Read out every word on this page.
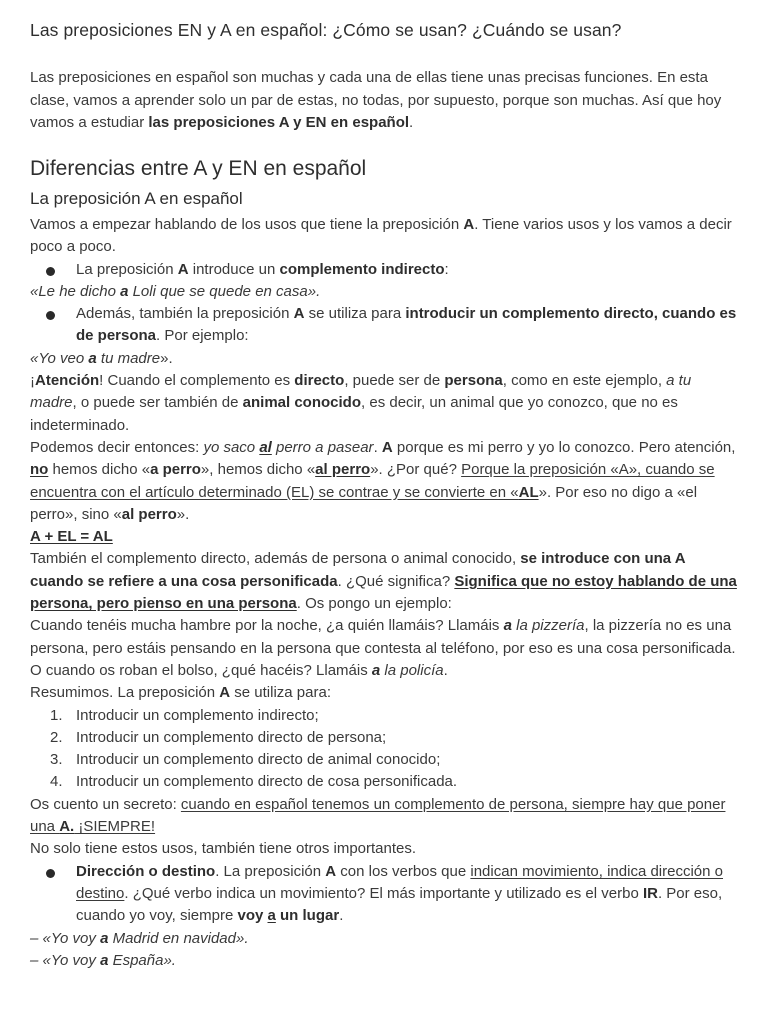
Las preposiciones EN y A en español: ¿Cómo se usan? ¿Cuándo se usan?

Las preposiciones en español son muchas y cada una de ellas tiene unas precisas funciones. En esta clase, vamos a aprender solo un par de estas, no todas, por supuesto, porque son muchas. Así que hoy vamos a estudiar las preposiciones A y EN en español.

Diferencias entre A y EN en español
La preposición A en español
Vamos a empezar hablando de los usos que tiene la preposición A. Tiene varios usos y los vamos a decir poco a poco.
La preposición A introduce un complemento indirecto:
«Le he dicho a Loli que se quede en casa».
Además, también la preposición A se utiliza para introducir un complemento directo, cuando es de persona. Por ejemplo:
«Yo veo a tu madre».
¡Atención! Cuando el complemento es directo, puede ser de persona, como en este ejemplo, a tu madre, o puede ser también de animal conocido, es decir, un animal que yo conozco, que no es indeterminado.
Podemos decir entonces: yo saco al perro a pasear. A porque es mi perro y yo lo conozco. Pero atención, no hemos dicho «a perro», hemos dicho «al perro». ¿Por qué? Porque la preposición «A», cuando se encuentra con el artículo determinado (EL) se contrae y se convierte en «AL». Por eso no digo a «el perro», sino «al perro».
A + EL = AL
También el complemento directo, además de persona o animal conocido, se introduce con una A cuando se refiere a una cosa personificada. ¿Qué significa? Significa que no estoy hablando de una persona, pero pienso en una persona. Os pongo un ejemplo:
Cuando tenéis mucha hambre por la noche, ¿a quién llamáis? Llamáis a la pizzería, la pizzería no es una persona, pero estáis pensando en la persona que contesta al teléfono, por eso es una cosa personificada. O cuando os roban el bolso, ¿qué hacéis? Llamáis a la policía.
Resumimos. La preposición A se utiliza para:
1. Introducir un complemento indirecto;
2. Introducir un complemento directo de persona;
3. Introducir un complemento directo de animal conocido;
4. Introducir un complemento directo de cosa personificada.
Os cuento un secreto: cuando en español tenemos un complemento de persona, siempre hay que poner una A. ¡SIEMPRE!
No solo tiene estos usos, también tiene otros importantes.
Dirección o destino. La preposición A con los verbos que indican movimiento, indica dirección o destino. ¿Qué verbo indica un movimiento? El más importante y utilizado es el verbo IR. Por eso, cuando yo voy, siempre voy a un lugar.
– «Yo voy a Madrid en navidad».
– «Yo voy a España».
